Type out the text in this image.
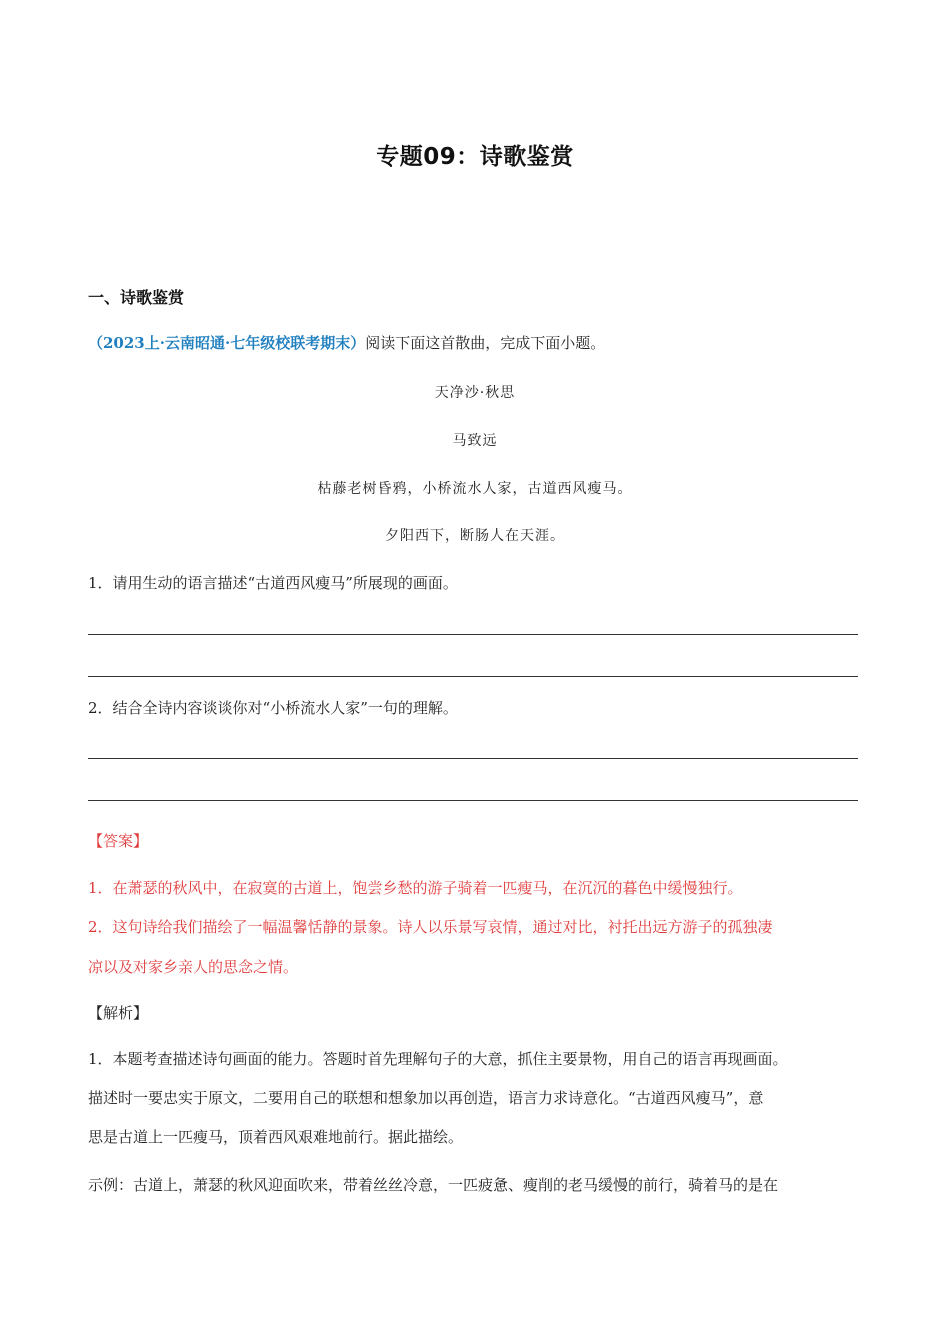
专题09：诗歌鉴赏
一、诗歌鉴赏
（2023上·云南昭通·七年级校联考期末）阅读下面这首散曲，完成下面小题。
天净沙·秋思
马致远
枯藤老树昏鸦，小桥流水人家，古道西风瘦马。
夕阳西下，断肠人在天涯。
1．请用生动的语言描述“古道西风瘦马”所展现的画面。
2．结合全诗内容谈谈你对“小桥流水人家”一句的理解。
【答案】
1．在萧瑟的秋风中，在寂寞的古道上，饱尝乡愁的游子骑着一匹瘦马，在沉沉的暮色中缓慢独行。
2．这句诗给我们描绘了一幅温馨恬静的景象。诗人以乐景写哀情，通过对比，衬托出远方游子的孤独凄
凉以及对家乡亲人的思念之情。
【解析】
1．本题考查描述诗句画面的能力。答题时首先理解句子的大意，抓住主要景物，用自己的语言再现画面。
描述时一要忠实于原文，二要用自己的联想和想象加以再创造，语言力求诗意化。“古道西风瘦马”，意
思是古道上一匹瘦马，顶着西风艰难地前行。据此描绘。
示例：古道上，萧瑟的秋风迎面吹来，带着丝丝冷意，一匹疲惫、瘦削的老马缓慢的前行，骑着马的是在
